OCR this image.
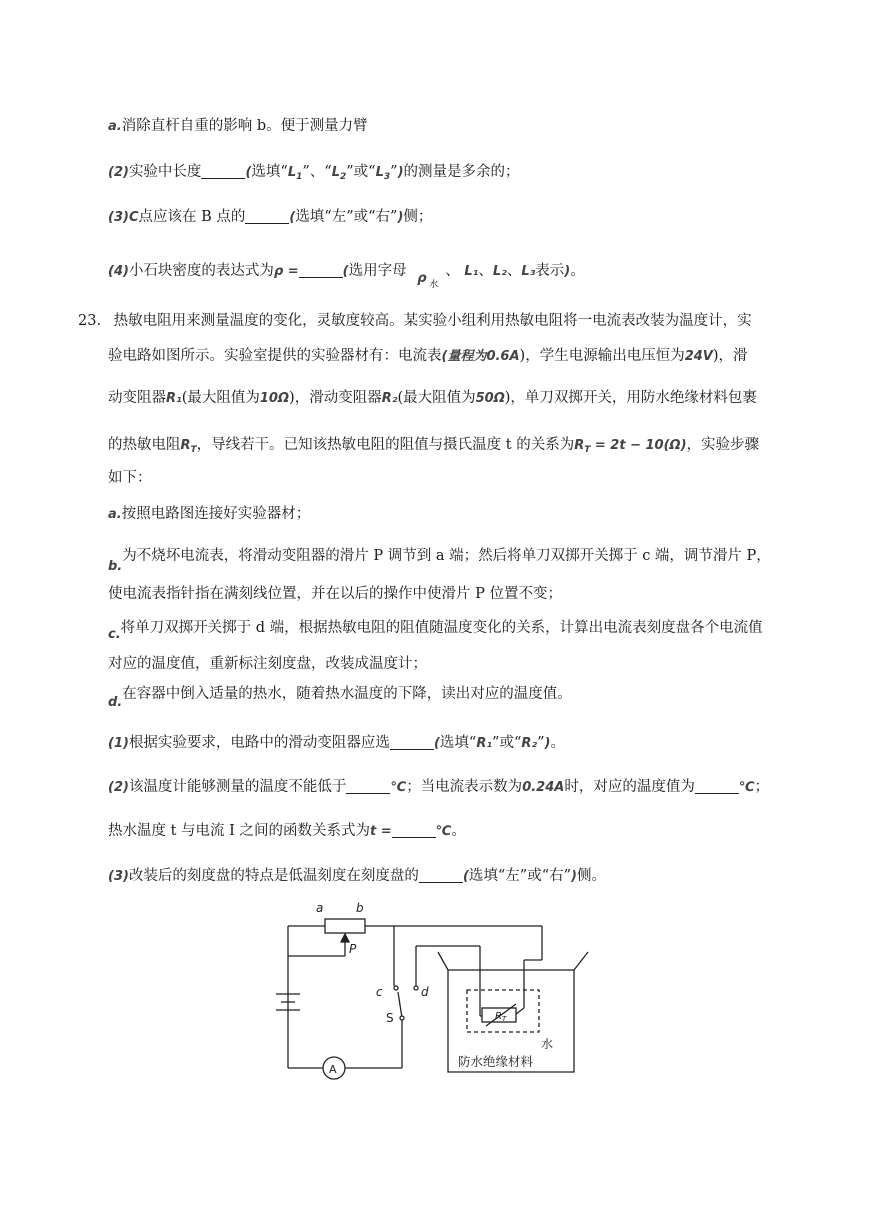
a.消除直杆自重的影响 b。便于测量力臂
(2)实验中长度	(选填“$L_1$”、“$L_2$”或“$L_3$”)的测量是多余的；
(3)C点应该在 B 点的	(选填“左”或“右”)侧；
(4)小石块密度的表达式为ρ =	(选用字母 ρ 水
、 L₁、L₂、L₃表示)。
23. 热敏电阻用来测量温度的变化，灵敏度较高。某实验小组利用热敏电阻将一电流表改装为温度计，实
验电路如图所示。实验室提供的实验器材有：电流表(量程为0.6A)，学生电源输出电压恒为24V)，滑
动变阻器R₁(最大阻值为10Ω)，滑动变阻器R₂(最大阻值为50Ω)，单刀双掷开关，用防水绝缘材料包裹
的热敏电阻$R_T$，导线若干。已知该热敏电阻的阻值与摄氏温度 t 的关系为$R_T = 2t - 10(\Omega)$，实验步骤
如下：
a.按照电路图连接好实验器材；
b.为不烧坏电流表，将滑动变阻器的滑片 P 调节到 a 端；然后将单刀双掷开关掷于 c 端，调节滑片 P，
使电流表指针指在满刻线位置，并在以后的操作中使滑片 P 位置不变；
c.将单刀双掷开关掷于 d 端，根据热敏电阻的阻值随温度变化的关系，计算出电流表刻度盘各个电流值
对应的温度值，重新标注刻度盘，改装成温度计；
d.在容器中倒入适量的热水，随着热水温度的下降，读出对应的温度值。
(1)根据实验要求，电路中的滑动变阻器应选	(选填“R₁”或“R₂”)。
(2)该温度计能够测量的温度不能低于	℃；当电流表示数为0.24A时，对应的温度值为	℃；
热水温度 t 与电流 I 之间的函数关系式为t =	℃。
(3)改装后的刻度盘的特点是低温刻度在刻度盘的	(选填“左”或“右”)侧。
a	b
P
c	d
S
A
$R_T$
水
防水绝缘材料
